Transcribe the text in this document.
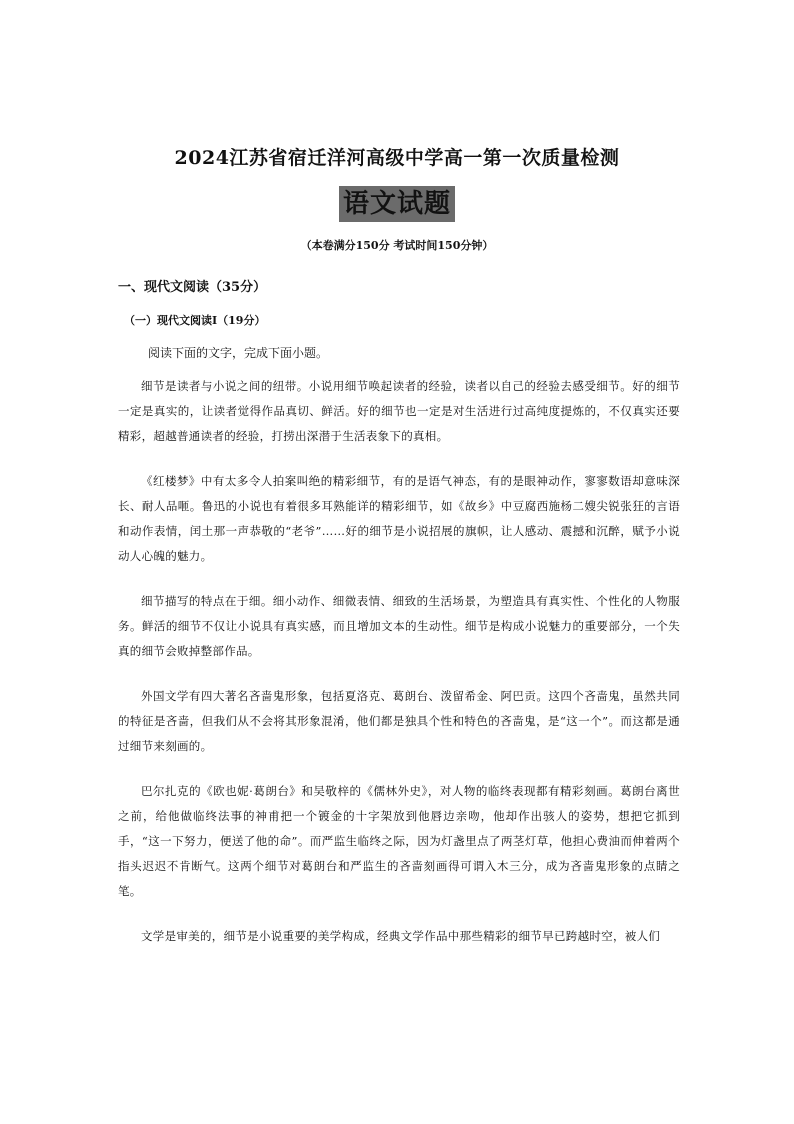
2024江苏省宿迁洋河高级中学高一第一次质量检测
语文试题
（本卷满分150分 考试时间150分钟）
一、现代文阅读（35分）
（一）现代文阅读Ⅰ（19分）
阅读下面的文字，完成下面小题。

细节是读者与小说之间的纽带。小说用细节唤起读者的经验，读者以自己的经验去感受细节。好的细节一定是真实的，让读者觉得作品真切、鲜活。好的细节也一定是对生活进行过高纯度提炼的，不仅真实还要精彩，超越普通读者的经验，打捞出深潜于生活表象下的真相。

《红楼梦》中有太多令人拍案叫绝的精彩细节，有的是语气神态，有的是眼神动作，寥寥数语却意味深长、耐人品咂。鲁迅的小说也有着很多耳熟能详的精彩细节，如《故乡》中豆腐西施杨二嫂尖锐张狂的言语和动作表情，闰土那一声恭敬的“老爷”……好的细节是小说招展的旗帜，让人感动、震撼和沉醉，赋予小说动人心魄的魅力。

细节描写的特点在于细。细小动作、细微表情、细致的生活场景，为塑造具有真实性、个性化的人物服务。鲜活的细节不仅让小说具有真实感，而且增加文本的生动性。细节是构成小说魅力的重要部分，一个失真的细节会败掉整部作品。

外国文学有四大著名吝啬鬼形象，包括夏洛克、葛朗台、泼留希金、阿巴贡。这四个吝啬鬼，虽然共同的特征是吝啬，但我们从不会将其形象混淆，他们都是独具个性和特色的吝啬鬼，是“这一个”。而这都是通过细节来刻画的。

巴尔扎克的《欧也妮·葛朗台》和吴敬梓的《儒林外史》，对人物的临终表现都有精彩刻画。葛朗台离世之前，给他做临终法事的神甫把一个镀金的十字架放到他唇边亲吻，他却作出骇人的姿势，想把它抓到手，“这一下努力，便送了他的命”。而严监生临终之际，因为灯盏里点了两茎灯草，他担心费油而伸着两个指头迟迟不肯断气。这两个细节对葛朗台和严监生的吝啬刻画得可谓入木三分，成为吝啬鬼形象的点睛之笔。

文学是审美的，细节是小说重要的美学构成，经典文学作品中那些精彩的细节早已跨越时空，被人们
